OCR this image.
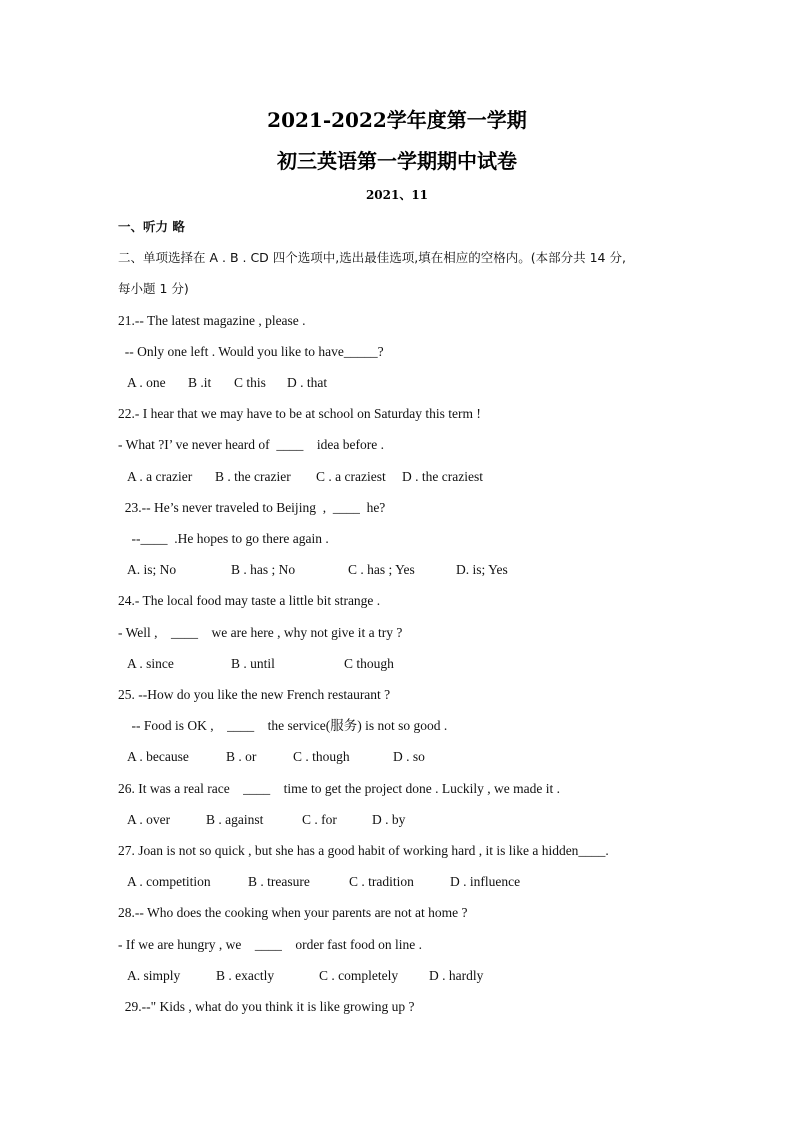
2021-2022学年度第一学期
初三英语第一学期期中试卷
2021、11
一、听力 略
二、单项选择在 A . B . CD 四个选项中,选出最佳选项,填在相应的空格内。(本部分共 14 分,
每小题 1 分)
21.-- The latest magazine , please .
-- Only one left . Would you like to have_____?
A . one B .it C this D . that
22.- I hear that we may have to be at school on Saturday this term !
- What ?I’ ve never heard of  ____    idea before .
A . a crazier B . the crazier C . a craziest D . the craziest
23.-- He’s never traveled to Beijing  ,  ____  he?
--____  .He hopes to go there again .
A. is; No	B . has ; No	C . has ; Yes	D. is; Yes
24.- The local food may taste a little bit strange .
- Well ,    ____    we are here , why not give it a try ?
A . since	B . until	C though
25. --How do you like the new French restaurant ?
-- Food is OK ,    ____    the service(服务) is not so good .
A . because	B . or	C . though	D . so
26. It was a real race    ____    time to get the project done . Luckily , we made it .
A . over	B . against	C . for	D . by
27. Joan is not so quick , but she has a good habit of working hard , it is like a hidden____.
A . competition	B . treasure	C . tradition	D . influence
28.-- Who does the cooking when your parents are not at home ?
- If we are hungry , we    ____    order fast food on line .
A. simply	B . exactly	C . completely D . hardly
29.--" Kids , what do you think it is like growing up ?
